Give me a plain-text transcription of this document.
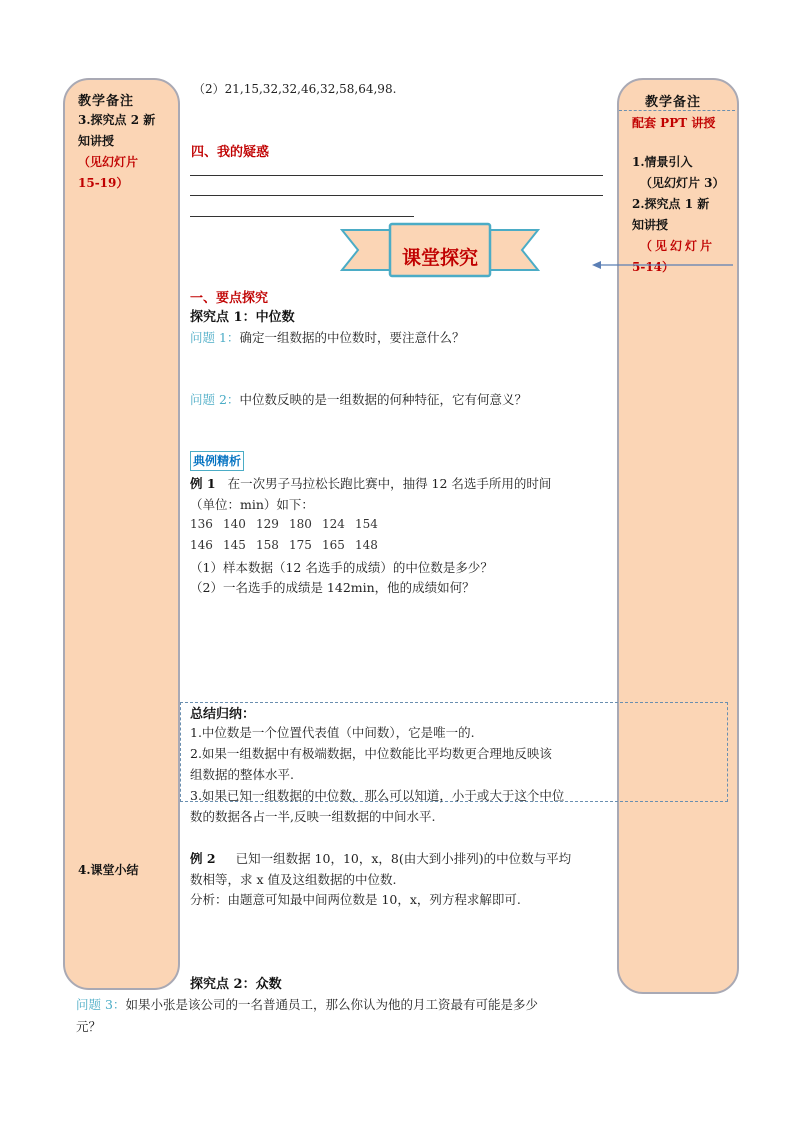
教学备注
3.探究点 2 新
知讲授
（见幻灯片
15-19）
4.课堂小结
教学备注
配套 PPT 讲授
1.情景引入
（见幻灯片 3）
2.探究点 1 新
知讲授
（见幻灯片
5-14）
（2）21,15,32,32,46,32,58,64,98.
四、我的疑惑
课堂探究
一、要点探究
探究点 1：中位数
问题 1：确定一组数据的中位数时，要注意什么？
问题 2：中位数反映的是一组数据的何种特征，它有何意义？
典例精析
例 1 在一次男子马拉松长跑比赛中，抽得 12 名选手所用的时间
（单位：min）如下：
136 140 129 180 124 154
146 145 158 175 165 148
（1）样本数据（12 名选手的成绩）的中位数是多少？
（2）一名选手的成绩是 142min，他的成绩如何？
总结归纳：
1.中位数是一个位置代表值（中间数），它是唯一的.
2.如果一组数据中有极端数据，中位数能比平均数更合理地反映该
组数据的整体水平.
3.如果已知一组数据的中位数，那么可以知道，小于或大于这个中位
数的数据各占一半,反映一组数据的中间水平.
例 2 已知一组数据 10，10，x，8(由大到小排列)的中位数与平均
数相等，求 x 值及这组数据的中位数.
分析：由题意可知最中间两位数是 10，x，列方程求解即可.
探究点 2：众数
问题 3：如果小张是该公司的一名普通员工，那么你认为他的月工资最有可能是多少
元？
